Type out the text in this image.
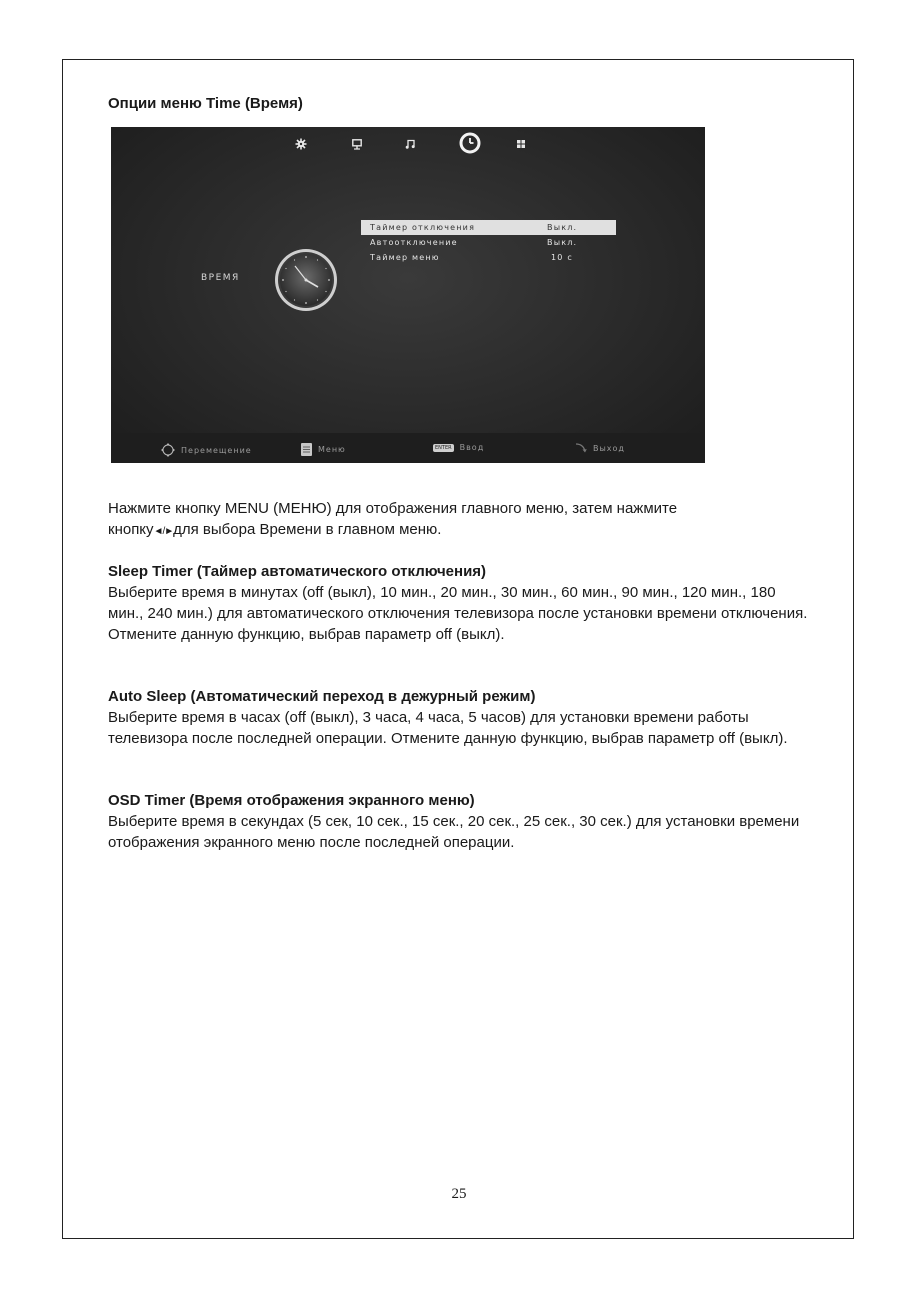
Опции меню Time (Время)
ВРЕМЯ
Таймер отключения	Выкл.
Автоотключение	Выкл.
Таймер меню	10 с
Перемещение	Меню	ENTER Ввод	Выход

Нажмите кнопку MENU (МЕНЮ) для отображения главного меню, затем нажмите
кнопку◄/►для выбора Времени в главном меню.

Sleep Timer (Таймер автоматического отключения)
Выберите время в минутах (off (выкл), 10 мин., 20 мин., 30 мин., 60 мин., 90 мин., 120 мин., 180 мин., 240 мин.) для автоматического отключения телевизора после установки времени отключения. Отмените данную функцию, выбрав параметр off (выкл).
Auto Sleep (Автоматический переход в дежурный режим)
Выберите время в часах (off (выкл), 3 часа, 4 часа, 5 часов) для установки времени работы телевизора после последней операции. Отмените данную функцию, выбрав параметр off (выкл).
OSD Timer (Время отображения экранного меню)
Выберите время в секундах (5 сек, 10 сек., 15 сек., 20 сек., 25 сек., 30 сек.) для установки времени отображения экранного меню после последней операции.
25
